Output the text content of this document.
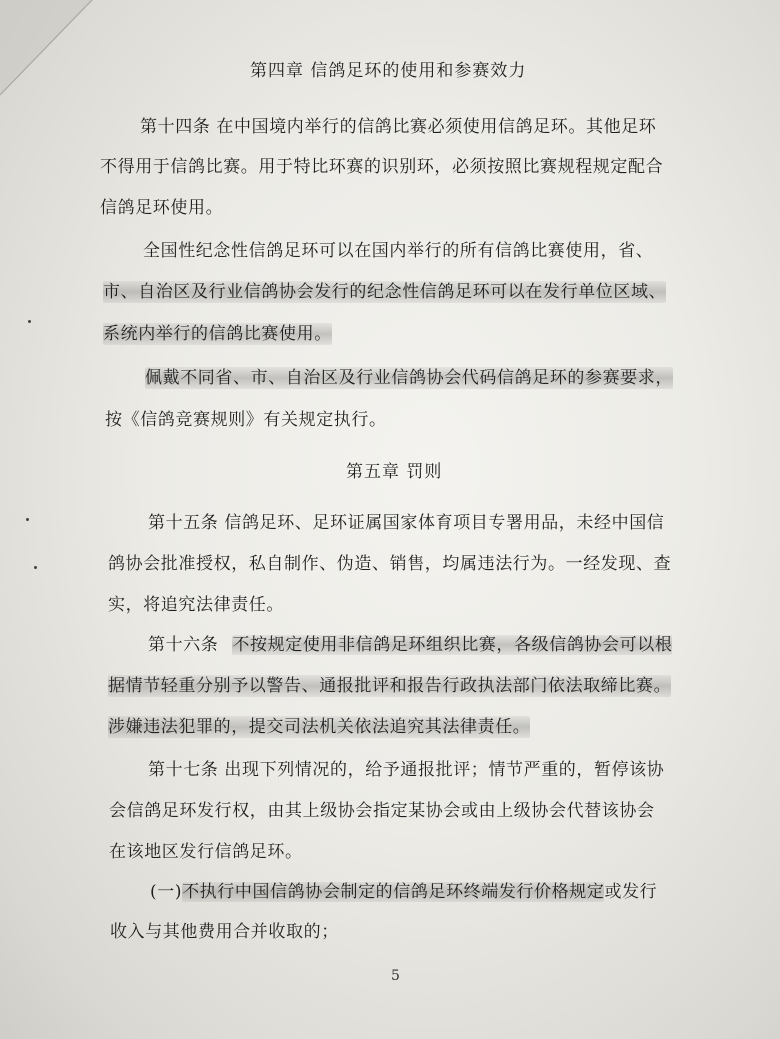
第四章 信鸽足环的使用和参赛效力
第十四条 在中国境内举行的信鸽比赛必须使用信鸽足环。其他足环
不得用于信鸽比赛。用于特比环赛的识别环，必须按照比赛规程规定配合
信鸽足环使用。
全国性纪念性信鸽足环可以在国内举行的所有信鸽比赛使用，省、
市、自治区及行业信鸽协会发行的纪念性信鸽足环可以在发行单位区域、
系统内举行的信鸽比赛使用。
佩戴不同省、市、自治区及行业信鸽协会代码信鸽足环的参赛要求，
按《信鸽竞赛规则》有关规定执行。
第五章 罚则
第十五条 信鸽足环、足环证属国家体育项目专署用品，未经中国信
鸽协会批准授权，私自制作、伪造、销售，均属违法行为。一经发现、查
实，将追究法律责任。
第十六条 不按规定使用非信鸽足环组织比赛，各级信鸽协会可以根
据情节轻重分别予以警告、通报批评和报告行政执法部门依法取缔比赛。
涉嫌违法犯罪的，提交司法机关依法追究其法律责任。
第十七条 出现下列情况的，给予通报批评；情节严重的，暂停该协
会信鸽足环发行权，由其上级协会指定某协会或由上级协会代替该协会
在该地区发行信鸽足环。
(一)不执行中国信鸽协会制定的信鸽足环终端发行价格规定或发行
收入与其他费用合并收取的；
5
